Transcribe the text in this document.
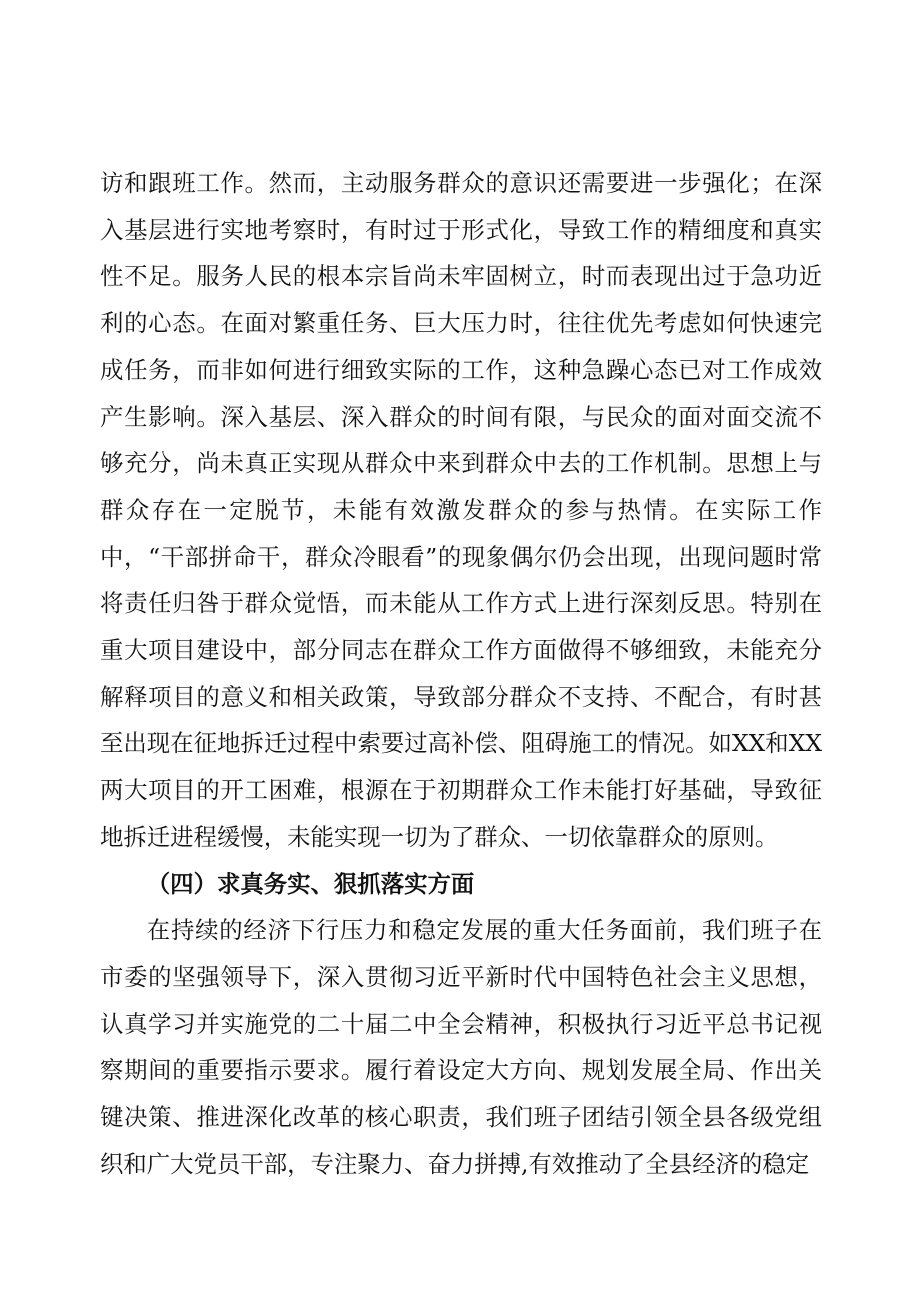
访和跟班工作。然而，主动服务群众的意识还需要进一步强化；在深入基层进行实地考察时，有时过于形式化，导致工作的精细度和真实性不足。服务人民的根本宗旨尚未牢固树立，时而表现出过于急功近利的心态。在面对繁重任务、巨大压力时，往往优先考虑如何快速完成任务，而非如何进行细致实际的工作，这种急躁心态已对工作成效产生影响。深入基层、深入群众的时间有限，与民众的面对面交流不够充分，尚未真正实现从群众中来到群众中去的工作机制。思想上与群众存在一定脱节，未能有效激发群众的参与热情。在实际工作中，“干部拼命干，群众冷眼看”的现象偶尔仍会出现，出现问题时常将责任归咎于群众觉悟，而未能从工作方式上进行深刻反思。特别在重大项目建设中，部分同志在群众工作方面做得不够细致，未能充分解释项目的意义和相关政策，导致部分群众不支持、不配合，有时甚至出现在征地拆迁过程中索要过高补偿、阻碍施工的情况。如XX和XX两大项目的开工困难，根源在于初期群众工作未能打好基础，导致征地拆迁进程缓慢，未能实现一切为了群众、一切依靠群众的原则。

（四）求真务实、狠抓落实方面

在持续的经济下行压力和稳定发展的重大任务面前，我们班子在市委的坚强领导下，深入贯彻习近平新时代中国特色社会主义思想，认真学习并实施党的二十届二中全会精神，积极执行习近平总书记视察期间的重要指示要求。履行着设定大方向、规划发展全局、作出关键决策、推进深化改革的核心职责，我们班子团结引领全县各级党组织和广大党员干部，专注聚力、奋力拼搏,有效推动了全县经济的稳定
